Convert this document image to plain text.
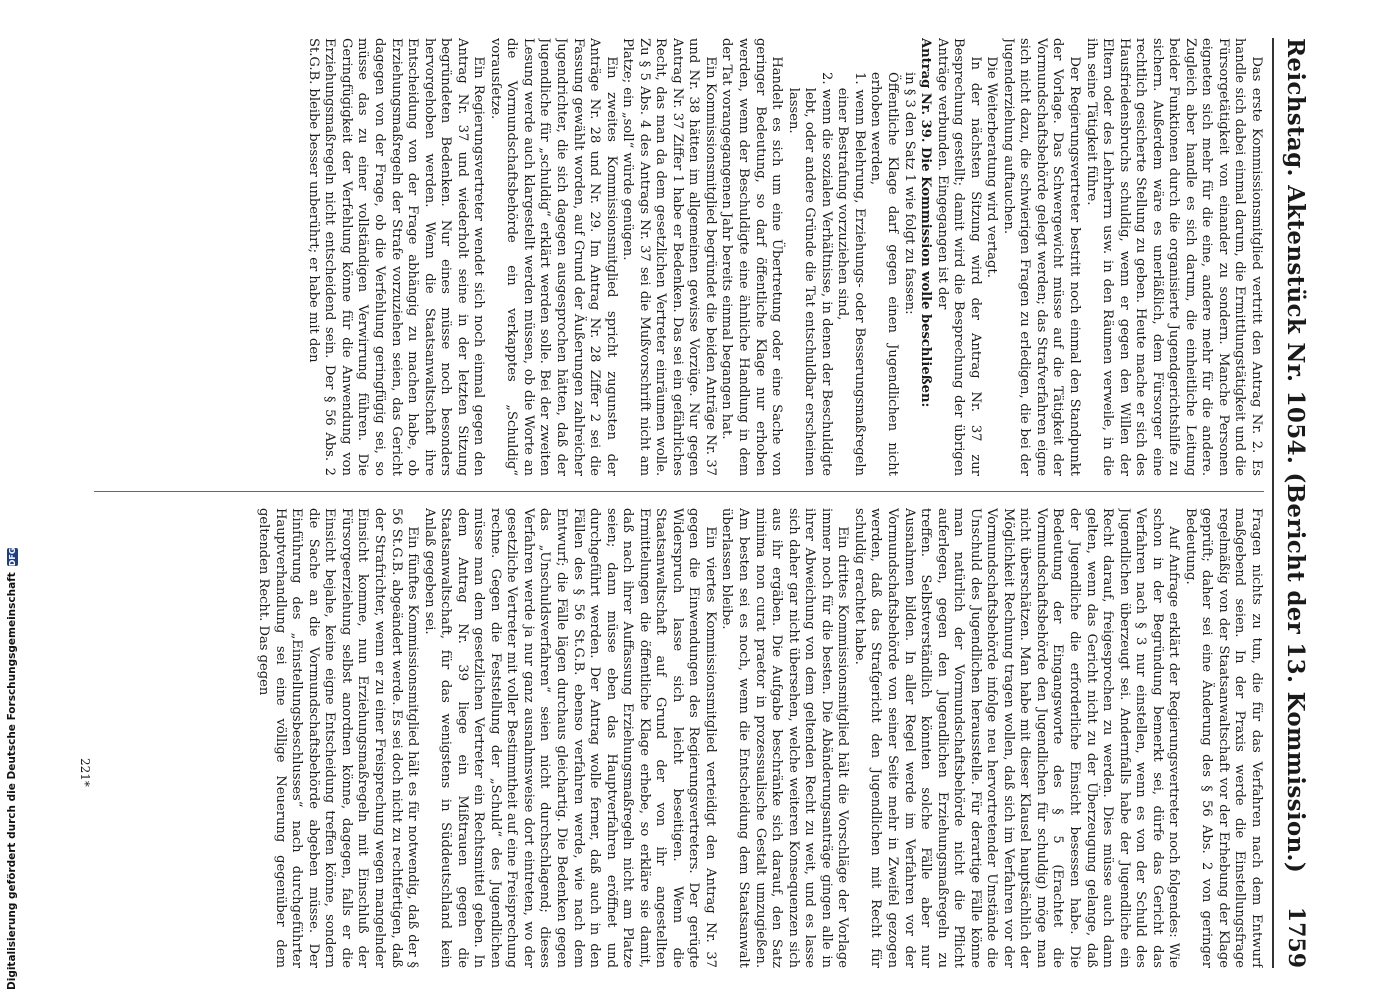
Reichstag. Aktenstück Nr. 1054. (Bericht der 13. Kommission.)
1759

Das erste Kommissionsmitglied vertritt den Antrag Nr. 2. Es handle sich dabei einmal darum, die Ermittlungstätigkeit und die Fürsorgetätigkeit von einander zu sondern. Manche Personen eigneten sich mehr für die eine, andere mehr für die andere. Zugleich aber handle es sich darum, die einheitliche Leitung beider Funktionen durch die organisierte Jugendgerichtshilfe zu sichern. Außerdem wäre es unerläßlich, dem Fürsorger eine rechtlich gesicherte Stellung zu geben. Heute mache er sich des Hausfriedensbruchs schuldig, wenn er gegen den Willen der Eltern oder des Lehrherrn usw. in den Räumen verweile, in die ihn seine Tätigkeit führe.

Der Regierungsvertreter bestritt noch einmal den Standpunkt der Vorlage. Das Schwergewicht müsse auf die Tätigkeit der Vormundschaftsbehörde gelegt werden; das Strafverfahren eigne sich nicht dazu, die schwierigen Fragen zu erledigen, die bei der Jugenderziehung auftauchen.

Die Weiterberatung wird vertagt.

In der nächsten Sitzung wird der Antrag Nr. 37 zur Besprechung gestellt; damit wird die Besprechung der übrigen Anträge verbunden. Eingegangen ist der

Antrag Nr. 39. Die Kommission wolle beschließen:

in § 3 den Satz 1 wie folgt zu fassen:

Öffentliche Klage darf gegen einen Jugendlichen nicht erhoben werden,

1. wenn Belehrung, Erziehungs- oder Besserungsmaßregeln einer Bestrafung vorzuziehen sind,

2. wenn die sozialen Verhältnisse, in denen der Beschuldigte lebt, oder andere Gründe die Tat entschuldbar erscheinen lassen.

Handelt es sich um eine Übertretung oder eine Sache von geringer Bedeutung, so darf öffentliche Klage nur erhoben werden, wenn der Beschuldigte eine ähnliche Handlung in dem der Tat vorangegangenen Jahr bereits einmal begangen hat.

Ein Kommissionsmitglied begründet die beiden Anträge Nr. 37 und Nr. 38 hätten im allgemeinen gewisse Vorzüge. Nur gegen Antrag Nr. 37 Ziffer 1 habe er Bedenken. Das sei ein gefährliches Recht, das man da dem gesetzlichen Vertreter einräumen wolle. Zu § 5 Abs. 4 des Antrags Nr. 37 sei die Mußvorschrift nicht am Platze; ein „soll“ würde genügen.

Ein zweites Kommissionsmitglied spricht zugunsten der Anträge Nr. 28 und Nr. 29. Im Antrag Nr. 28 Ziffer 2 sei die Fassung gewählt worden, auf Grund der Äußerungen zahlreicher Jugendrichter, die sich dagegen ausgesprochen hätten, daß der Jugendliche für „schuldig“ erklärt werden solle. Bei der zweiten Lesung werde auch klargestellt werden müssen, ob die Worte an die Vormundschaftsbehörde ein verkapptes „Schuldig“ vorausſetze.

Ein Regierungsvertreter wendet sich noch einmal gegen den Antrag Nr. 37 und wiederholt seine in der letzten Sitzung begründeten Bedenken. Nur eines müsse noch besonders hervorgehoben werden. Wenn die Staatsanwaltschaft ihre Entscheidung von der Frage abhängig zu machen habe, ob Erziehungsmaßregeln der Strafe vorzuziehen seien, das Gericht dagegen von der Frage, ob die Verfehlung geringfügig sei, so müsse das zu einer vollständigen Verwirrung führen. Die Geringfügigkeit der Verfehlung könne für die Anwendung von Erziehungsmaßregeln nicht entscheidend sein. Der § 56 Abs. 2 St.G.B. bleibe besser unberührt; er habe mit den

Fragen nichts zu tun, die für das Verfahren nach dem Entwurf maßgebend seien. In der Praxis werde die Einstellungsfrage regelmäßig von der Staatsanwaltschaft vor der Erhebung der Klage geprüft; daher sei eine Änderung des § 56 Abs. 2 von geringer Bedeutung.

Auf Anfrage erklärt der Regierungsvertreter noch folgendes: Wie schon in der Begründung bemerkt sei, dürfe das Gericht das Verfahren nach § 3 nur einstellen, wenn es von der Schuld des Jugendlichen überzeugt sei. Andernfalls habe der Jugendliche ein Recht darauf, freigesprochen zu werden. Dies müsse auch dann gelten, wenn das Gericht nicht zu der Überzeugung gelange, daß der Jugendliche die erforderliche Einsicht besessen habe. Die Bedeutung der Eingangsworte des § 5 (Erachtet die Vormundschaftsbehörde den Jugendlichen für schuldig) möge man nicht überschätzen. Man habe mit dieser Klausel hauptsächlich der Möglichkeit Rechnung tragen wollen, daß sich im Verfahren vor der Vormundschaftsbehörde infolge neu hervortretender Umstände die Unschuld des Jugendlichen herausstelle. Für derartige Fälle könne man natürlich der Vormundschaftsbehörde nicht die Pflicht auferlegen, gegen den Jugendlichen Erziehungsmaßregeln zu treffen. Selbstverständlich könnten solche Fälle aber nur Ausnahmen bilden. In aller Regel werde im Verfahren vor der Vormundschaftsbehörde von seiner Seite mehr in Zweifel gezogen werden, daß das Strafgericht den Jugendlichen mit Recht für schuldig erachtet habe.

Ein drittes Kommissionsmitglied hält die Vorschläge der Vorlage immer noch für die besten. Die Abänderungsanträge gingen alle in ihrer Abweichung von dem geltenden Recht zu weit, und es lasse sich daher gar nicht übersehen, welche weiteren Konsequenzen sich aus ihr ergäben. Die Aufgabe beschränke sich darauf, den Satz minima non curat praetor in prozessualische Gestalt umzugießen. Am besten sei es noch, wenn die Entscheidung dem Staatsanwalt überlassen bleibe.

Ein viertes Kommissionsmitglied verteidigt den Antrag Nr. 37 gegen die Einwendungen des Regierungsvertreters. Der gerügte Widerspruch lasse sich leicht beseitigen. Wenn die Staatsanwaltschaft auf Grund der von ihr angestellten Ermittelungen die öffentliche Klage erhebe, so erkläre sie damit, daß nach ihrer Auffassung Erziehungsmaßregeln nicht am Platze seien; dann müsse eben das Hauptverfahren eröffnet und durchgeführt werden. Der Antrag wolle ferner, daß auch in den Fällen des § 56 St.G.B. ebenso verfahren werde, wie nach dem Entwurf; die Fälle lägen durchaus gleichartig. Die Bedenken gegen das „Unschuldsverfahren“ seien nicht durchschlagend; dieses Verfahren werde ja nur ganz ausnahmsweise dort eintreten, wo der gesetzliche Vertreter mit voller Bestimmtheit auf eine Freisprechung rechne. Gegen die Feststellung der „Schuld“ des Jugendlichen müsse man dem gesetzlichen Vertreter ein Rechtsmittel geben. In dem Antrag Nr. 39 liege ein Mißtrauen gegen die Staatsanwaltschaft, für das wenigstens in Süddeutschland kein Anlaß gegeben sei.

Ein fünftes Kommissionsmitglied hält es für notwendig, daß der § 56 St.G.B. abgeändert werde. Es sei doch nicht zu rechtfertigen, daß der Strafrichter, wenn er zu einer Freisprechung wegen mangelnder Einsicht komme, nun Erziehungsmaßregeln mit Einschluß der Fürsorgeerziehung selbst anordnen könne, dagegen, falls er die Einsicht bejahe, keine eigne Entscheidung treffen könne, sondern die Sache an die Vormundschaftsbehörde abgeben müsse. Der Einführung des „Einstellungsbeschlusses“ nach durchgeführter Hauptverhandlung sei eine völlige Neuerung gegenüber dem geltenden Recht. Das gegen

221*
Digitalisierung gefördert durch die Deutsche Forschungsgemeinschaft
DFG
